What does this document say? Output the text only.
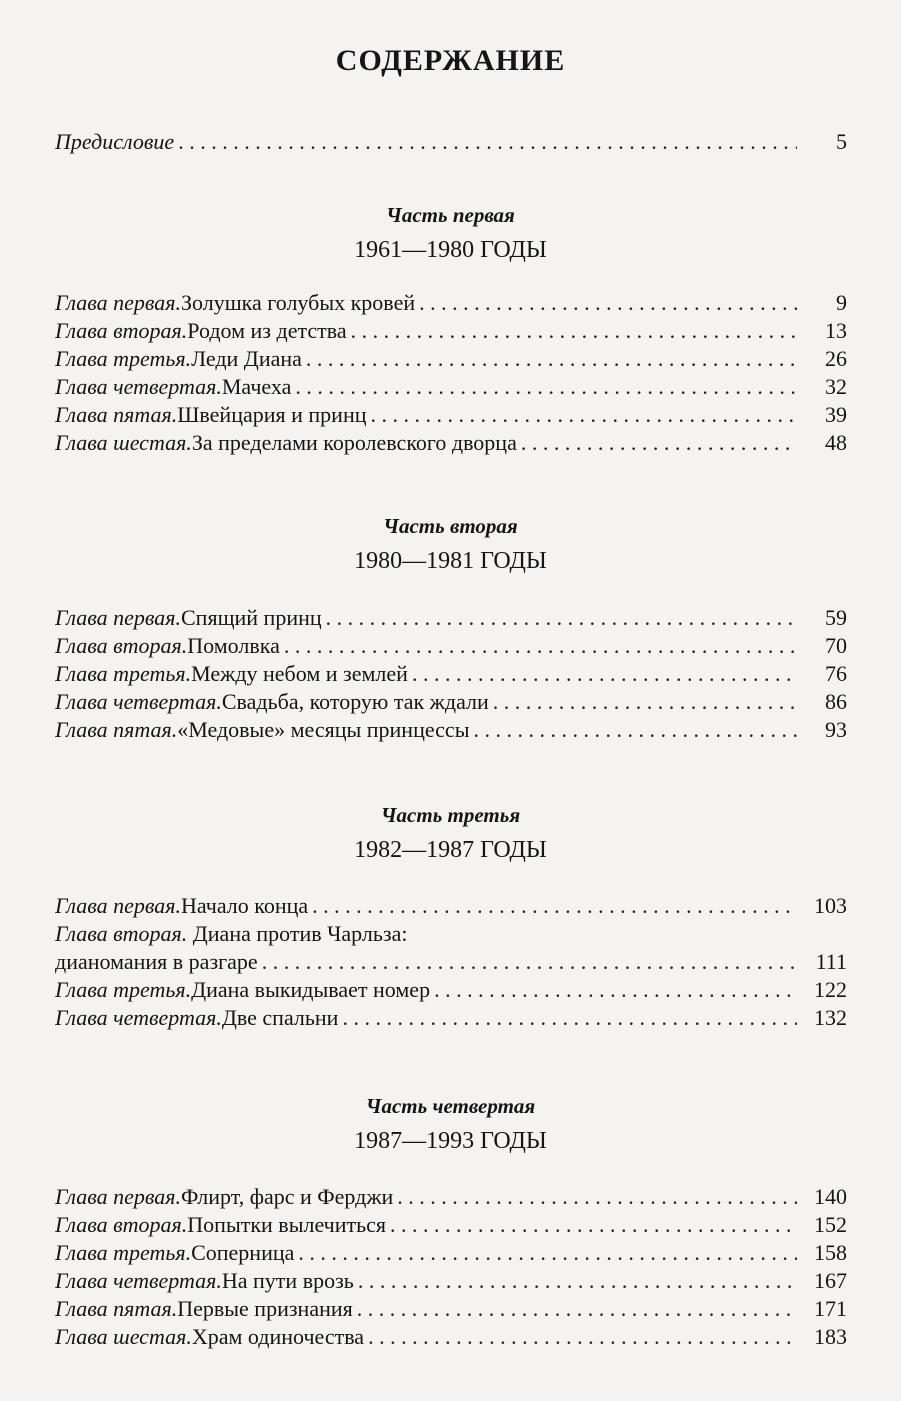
СОДЕРЖАНИЕ
Предисловие . . .	5
Часть первая
1961—1980 ГОДЫ
Глава первая. Золушка голубых кровей . . .	9
Глава вторая. Родом из детства . . .	13
Глава третья. Леди Диана . . .	26
Глава четвертая. Мачеха . . .	32
Глава пятая. Швейцария и принц . . .	39
Глава шестая. За пределами королевского дворца . . .	48
Часть вторая
1980—1981 ГОДЫ
Глава первая. Спящий принц . . .	59
Глава вторая. Помолвка . . .	70
Глава третья. Между небом и землей . . .	76
Глава четвертая. Свадьба, которую так ждали . . .	86
Глава пятая. «Медовые» месяцы принцессы . . .	93
Часть третья
1982—1987 ГОДЫ
Глава первая. Начало конца . . .	103
Глава вторая. Диана против Чарльза:
дианомания в разгаре . . .	111
Глава третья. Диана выкидывает номер . . .	122
Глава четвертая. Две спальни . . .	132
Часть четвертая
1987—1993 ГОДЫ
Глава первая. Флирт, фарс и Ферджи . . .	140
Глава вторая. Попытки вылечиться . . .	152
Глава третья. Соперница . . .	158
Глава четвертая. На пути врозь . . .	167
Глава пятая. Первые признания . . .	171
Глава шестая. Храм одиночества . . .	183
